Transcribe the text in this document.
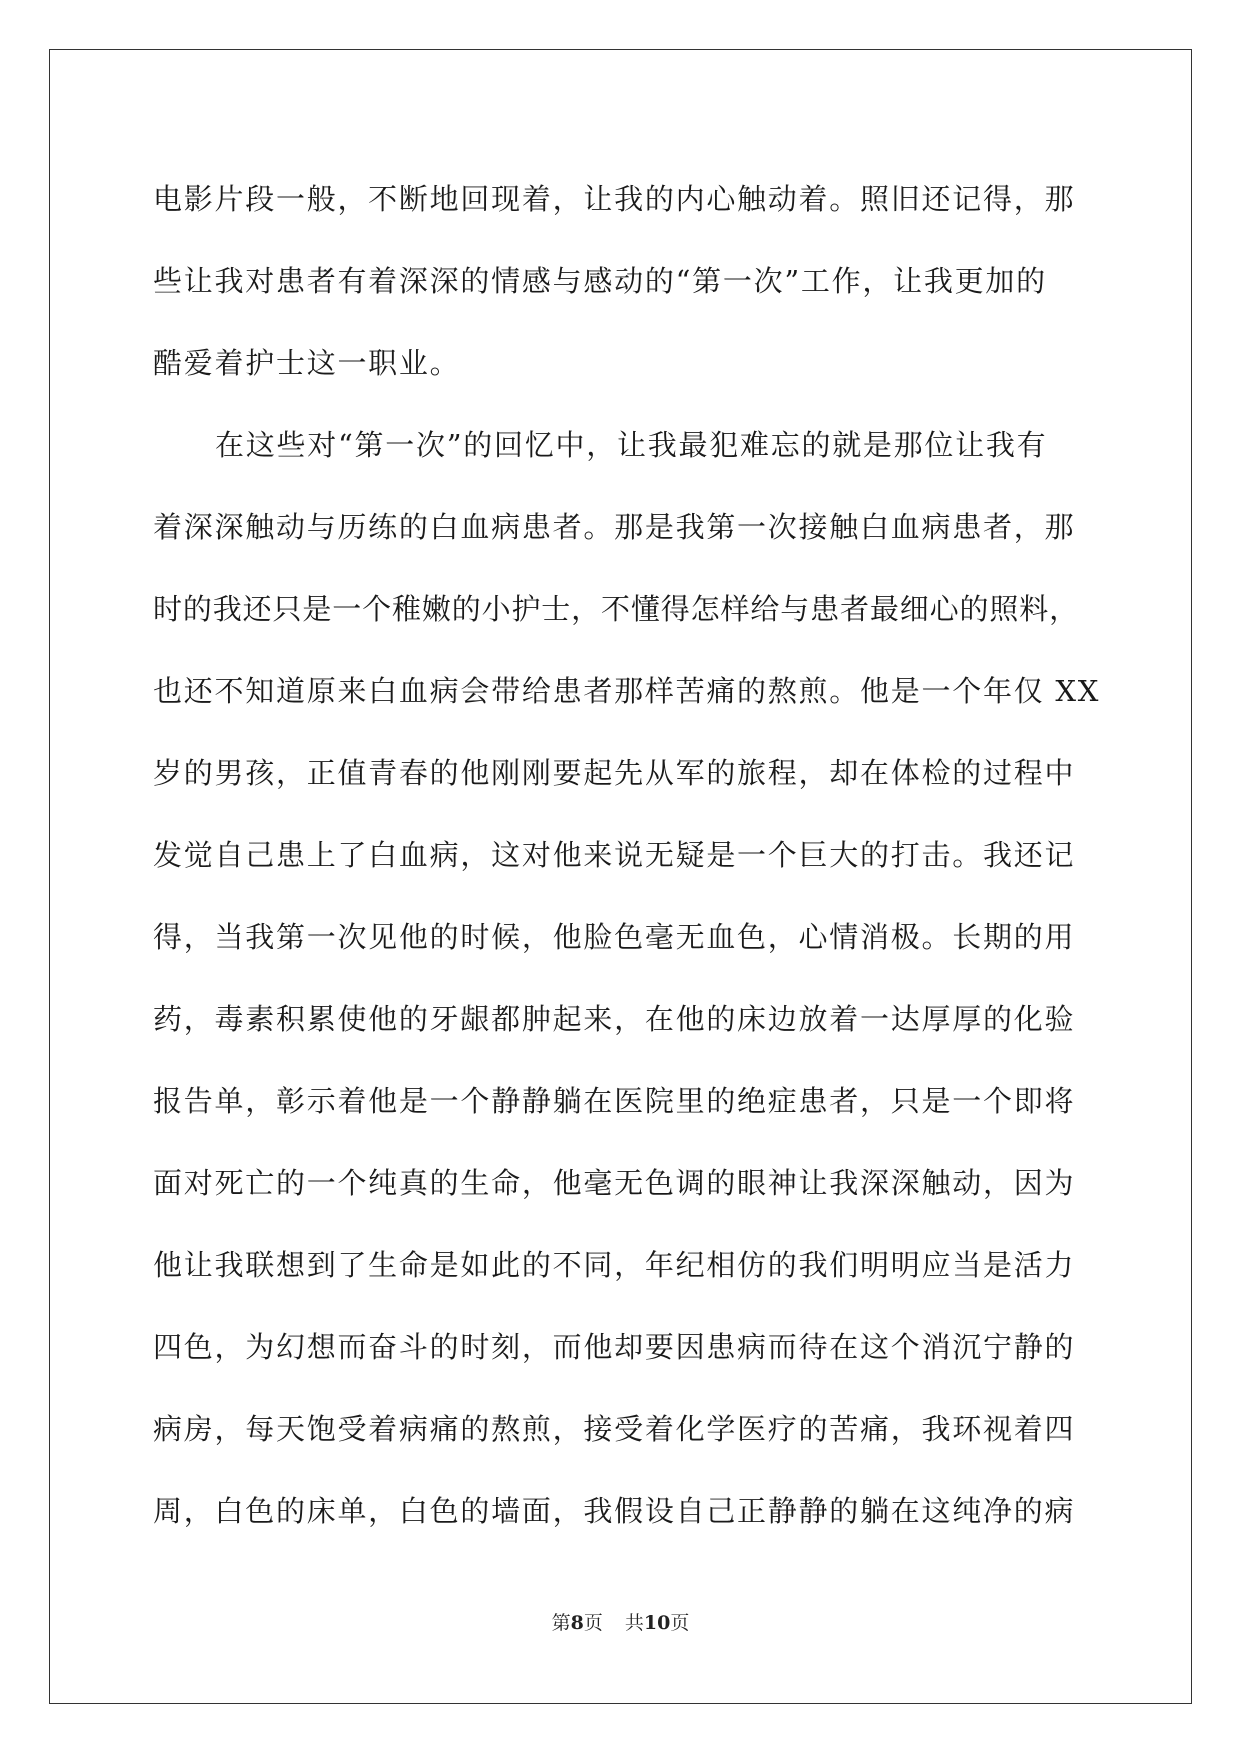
电影片段一般，不断地回现着，让我的内心触动着。照旧还记得，那
些让我对患者有着深深的情感与感动的“第一次”工作，让我更加的
酷爱着护士这一职业。
在这些对“第一次”的回忆中，让我最犯难忘的就是那位让我有
着深深触动与历练的白血病患者。那是我第一次接触白血病患者，那
时的我还只是一个稚嫩的小护士，不懂得怎样给与患者最细心的照料，
也还不知道原来白血病会带给患者那样苦痛的熬煎。他是一个年仅 XX
岁的男孩，正值青春的他刚刚要起先从军的旅程，却在体检的过程中
发觉自己患上了白血病，这对他来说无疑是一个巨大的打击。我还记
得，当我第一次见他的时候，他脸色毫无血色，心情消极。长期的用
药，毒素积累使他的牙龈都肿起来，在他的床边放着一达厚厚的化验
报告单，彰示着他是一个静静躺在医院里的绝症患者，只是一个即将
面对死亡的一个纯真的生命，他毫无色调的眼神让我深深触动，因为
他让我联想到了生命是如此的不同，年纪相仿的我们明明应当是活力
四色，为幻想而奋斗的时刻，而他却要因患病而待在这个消沉宁静的
病房，每天饱受着病痛的熬煎，接受着化学医疗的苦痛，我环视着四
周，白色的床单，白色的墙面，我假设自己正静静的躺在这纯净的病
第8页 共10页
